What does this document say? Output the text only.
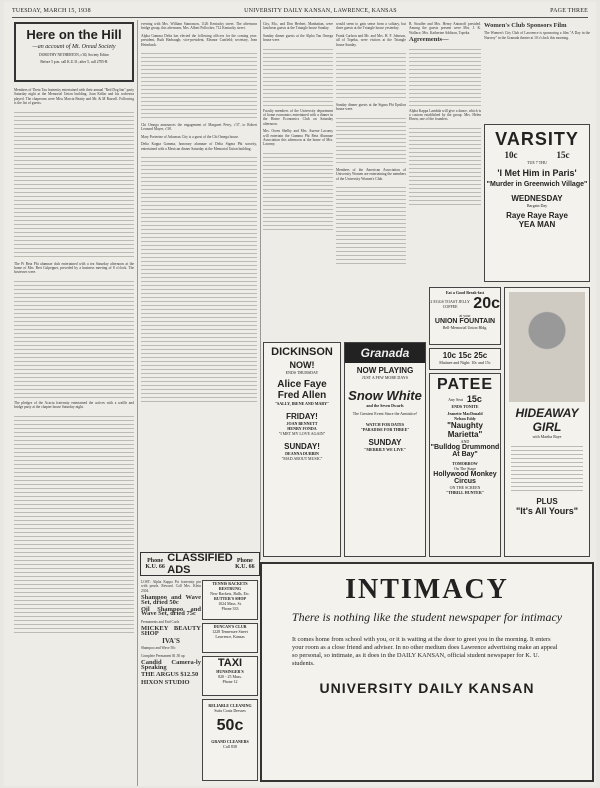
TUESDAY, MARCH 15, 1938	UNIVERSITY DAILY KANSAN, LAWRENCE, KANSAS	PAGE THREE
Here on the Hill
—an account of Mt. Oread Society
DOROTHY NETHERTON, c'40, Society Editor
Before 5 p.m. call K.U.31; after 5, call 2705-R

Members of Theta Tau fraternity entertained with their annual "Red Dog Inn" party Saturday night at the Memorial Union building. Joan Kellar and his orchestra played. The chaperons were Miss Marcia Beatty and Mr. & M Russell. Following is the list of guests.

The Pi Beta Phi alumnae club entertained with a tea Saturday afternoon at the home of Mrs. Bert Culpepper, preceded by a business meeting of 8 o'clock. The hostesses were.

The pledges of the Acacia fraternity entertained the actives with a waffle and bridge party at the chapter house Saturday night.

evening with Mrs. William Stanonson, 1126 Kentucky street. The afternoon bridge group, this afternoon, Mrs. Albert Pollocher, 712 Kentucky street.

Alpha Gamma Delta has elected the following officers for the coming year: president, Ruth Harbaugh; vice-president, Eleanor Canfield; secretary, Jean Heimbuck.

Chi Omega announces the engagement of Margaret Perry, c'37, to Robert Leonard Mayer, c'38.

Mary Porterine of Arkansas City is a guest of the Chi Omega house.

Delta Kappa Gamma, honorary alumnae of Delta Sigma Phi sorority, entertained with a Mexican dinner Saturday at the Memorial Union building.

Phone K.U. 66
CLASSIFIED ADS
Phone K.U. 66

LOST: Alpha Kappa Psi fraternity pin with pearls. Reward. Call Mrs. Klein 2304.

Shampoo and Wave Set, dried 50c

Oil Shampoo and Wave Set, dried 75c

Permanents and End Curls

MICKEY BEAUTY SHOP

IVA'S

Shampoo and Wave 50c

Complete Permanent $1.50 up

Candid Camera-ly Speaking

THE ARGUS $12.50

HIXON STUDIO

TENNIS RACKETS RESTRUNG
New Rackets, Balls, Etc.
RUTTER'S SHOP
1024 Mass. St.
Phone 333
DUNCAN'S CLUB
1228 Tennessee Street
Lawrence, Kansas
TAXI
HUNSINGER'S
820 - 25 Mass.
Phone 12
RELIABLE CLEANING
Suits Coats Dresses
50c
GRAND CLEANERS
Call 838

City, Mo., and Don Herbert, Manhattan, were luncheon guests at the Triangle house Sunday.

Sunday dinner guests at the Alpha Tau Omega house were.

Faculty members of the University department of home economics entertained with a dinner in the Home Economics Club on Saturday afternoon.

Mrs. Owen Shelby and Mrs. Aurene Lacomy will entertain the Gamma Phi Beta Alumnae Association this afternoon at the home of Mrs. Lacomy.

would seem to gain sense from a solitary, but three guests at the Triangle house yesterday.

Frank Carlson and Mr. and Mrs. H. F. Johnson, all of Topeka, were visitors at the Triangle house Sunday.

Sunday dinner guests at the Sigma Phi Epsilon house were.

Members of the American Association of University Women are entertaining the members of the University Women's Club.

B. Stouffer and Mrs. Henry Antonoff presided. Among the guests present were Mrs. J. K. Wallace, Mrs. Katherine Addison, Topeka.

Agreements—

Alpha Kappa Lambda will give a dance, which is a custom established by the group. Mrs. Helen Ebsen, one of the founders.

Women's Club Sponsors Film

The Women's City Club of Lawrence is sponsoring a film "A Day in the Nursery" in the Granada theater at 10 o'clock this morning.

VARSITY
10c	15c
TUE 7 THU
'I Met Him in Paris'
"Murder in Greenwich Village"
WEDNESDAY
Bargain Day
Raye Raye Raye
YEA MAN
DICKINSON
NOW!
ENDS THURSDAY
Alice Faye
Fred Allen
"SALLY, IRENE AND MARY"
FRIDAY!
JOAN BENNETT
HENRY FONDA
"I MET MY LOVE AGAIN"
SUNDAY!
DEANNA DURBIN
"MAD ABOUT MUSIC"
Granada
NOW PLAYING
JUST A FEW MORE DAYS
Snow White
and the Seven Dwarfs
The Greatest Event Since the Armistice!
WATCH FOR DATES
"PARADISE FOR THREE"
SUNDAY
"MERRILY WE LIVE"
Eat a Good Break-fast
2 EGGS TOAST JELLY COFFEE 20c
at your
UNION FOUNTAIN
Bell-Memorial Union Bldg.
10c 15c 25c
Matinee and Night: 10c and 15c
PATEE
Any Seat 15c
ENDS TONITE
Jeanette MacDonald
Nelson Eddy
"Naughty Marietta"
AND
"Bulldog Drummond At Bay"
TOMORROW
On The Stage
Hollywood Monkey Circus
ON THE SCREEN
"THRILL HUNTER"
HIDEAWAY GIRL
with Martha Raye
PLUS
"It's All Yours"
INTIMACY
There is nothing like the student newspaper for intimacy
It comes home from school with you, or it is waiting at the door to greet you in the morning. It enters your room as a close friend and adviser. In no other medium does Lawrence advertising make an appeal so personal, so intimate, as it does in the DAILY KANSAN, official student newspaper for K. U. students.
UNIVERSITY DAILY KANSAN
